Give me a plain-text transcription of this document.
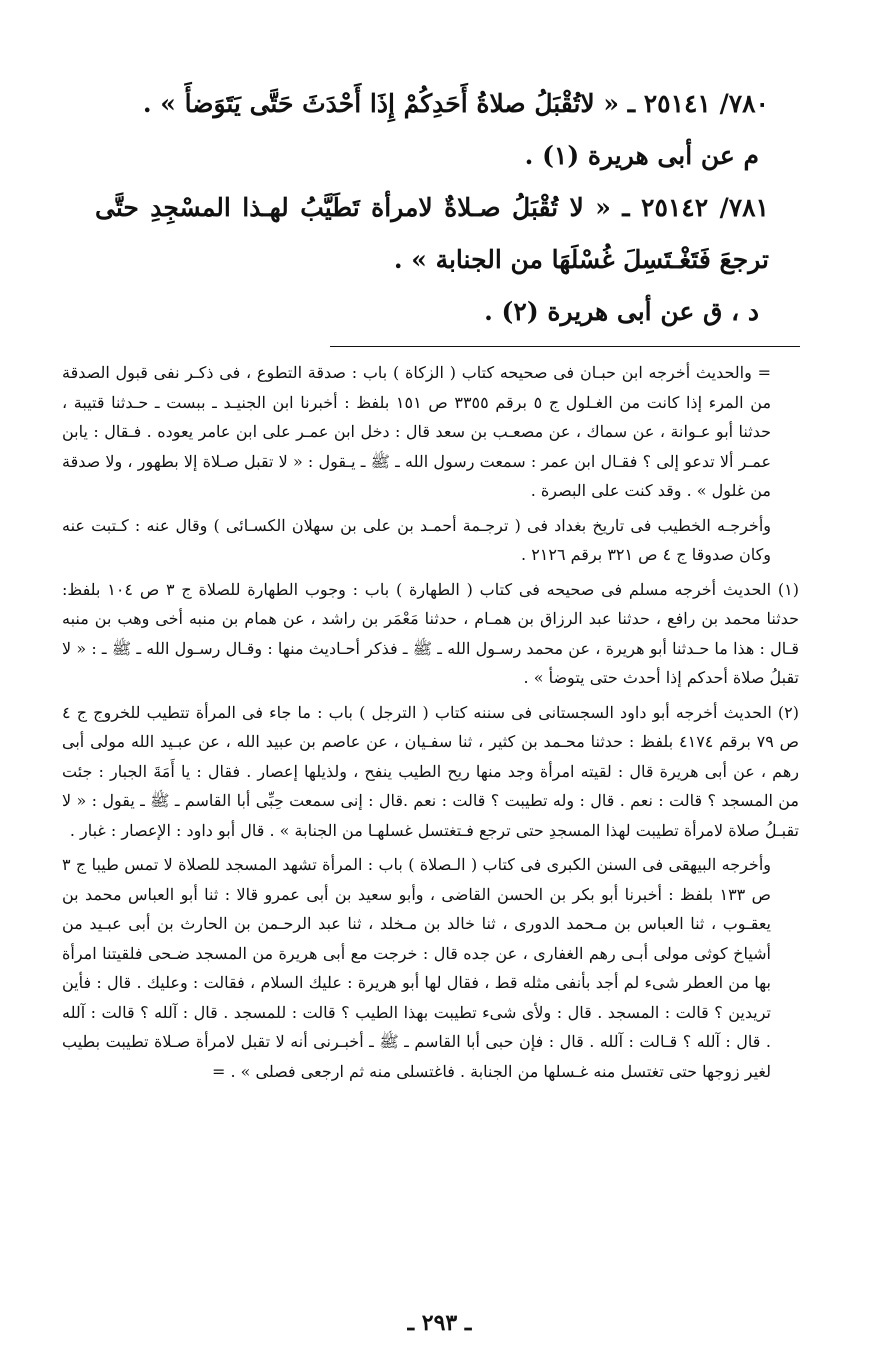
٧٨٠/ ٢٥١٤١ ـ « لاتُقْبَلُ صلاةُ أَحَدِكُمْ إِذَا أَحْدَثَ حَتَّى يَتَوَضأَ » .

م عن أبى هريرة (١) .

٧٨١/ ٢٥١٤٢ ـ « لا تُقْبَلُ صـلاةٌ لامرأة تَطَيَّبُ لهـذا المسْجِدِ حتَّى ترجعَ فَتَغْـتَسِلَ غُسْلَهَا من الجنابة » .

د ، ق عن أبى هريرة (٢) .

= والحديث أخرجه ابن حبـان فى صحيحه كتاب ( الزكاة ) باب : صدقة التطوع ، فى ذكـر نفى قبول الصدقة من المرء إذا كانت من الغـلول ج ٥ برقم ٣٣٥٥ ص ١٥١ بلفظ : أخبرنا ابن الجنيـد ـ ببست ـ حـدثنا قتيبة ، حدثنا أبو عـوانة ، عن سماك ، عن مصعـب بن سعد قال : دخل ابن عمـر على ابن عامر يعوده . فـقال : يابن عمـر ألا تدعو إلى ؟ فقـال ابن عمر : سمعت رسول الله ـ ﷺ ـ يـقول : « لا تقبل صـلاة إلا بطهور ، ولا صدقة من غلول » . وقد كنت على البصرة .

وأخرجـه الخطيب فى تاريخ بغداد فى ( ترجـمة أحمـد بن على بن سهلان الكسـائى ) وقال عنه : كـتبت عنه وكان صدوقا ج ٤ ص ٣٢١ برقم ٢١٢٦ .

(١) الحديث أخرجه مسلم فى صحيحه فى كتاب ( الطهارة ) باب : وجوب الطهارة للصلاة ج ٣ ص ١٠٤ بلفظ: حدثنا محمد بن رافع ، حدثنا عبد الرزاق بن همـام ، حدثنا مَعْمَر بن راشد ، عن همام بن منبه أخى وهب بن منبه قـال : هذا ما حـدثنا أبو هريرة ، عن محمد رسـول الله ـ ﷺ ـ فذكر أحـاديث منها : وقـال رسـول الله ـ ﷺ ـ : « لا تقبلُ صلاة أحدكم إذا أحدث حتى يتوضأ » .

(٢) الحديث أخرجه أبو داود السجستانى فى سننه كتاب ( الترجل ) باب : ما جاء فى المرأة تتطيب للخروج ج ٤ ص ٧٩ برقم ٤١٧٤ بلفظ : حدثنا محـمد بن كثير ، ثنا سفـيان ، عن عاصم بن عبيد الله ، عن عبـيد الله مولى أبى رهم ، عن أبى هريرة قال : لقيته امرأة وجد منها ريح الطيب ينفح ، ولذيلها إعصار . فقال : يا أَمَةَ الجبار : جئت من المسجد ؟ قالت : نعم . قال : وله تطيبت ؟ قالت : نعم .قال : إنى سمعت حِبِّى أبا القاسم ـ ﷺ ـ يقول : « لا تقبـلُ صلاة لامرأة تطيبت لهذا المسجدِ حتى ترجع فـتغتسل غسلهـا من الجنابة » . قال أبو داود : الإعصار : غبار .

وأخرجه البيهقى فى السنن الكبرى فى كتاب ( الـصلاة ) باب : المرأة تشهد المسجد للصلاة لا تمس طيبا ج ٣ ص ١٣٣ بلفظ : أخبرنا أبو بكر بن الحسن القاضى ، وأبو سعيد بن أبى عمرو قالا : ثنا أبو العباس محمد بن يعقـوب ، ثنا العباس بن مـحمد الدورى ، ثنا خالد بن مـخلد ، ثنا عبد الرحـمن بن الحارث بن أبى عبـيد من أشياخ كوثى مولى أبـى رهم الغفارى ، عن جده قال : خرجت مع أبى هريرة من المسجد ضـحى فلقيتنا امرأة بها من العطر شىء لم أجد بأنفى مثله قط ، فقال لها أبو هريرة : عليك السلام ، فقالت : وعليك . قال : فأين تريدين ؟ قالت : المسجد . قال : ولأى شىء تطيبت بهذا الطيب ؟ قالت : للمسجد . قال : آلله ؟ قالت : آلله . قال : آلله ؟ قـالت : آلله . قال : فإن حبى أبا القاسم ـ ﷺ ـ أخبـرنى أنه لا تقبل لامرأة صـلاة تطيبت بطيب لغير زوجها حتى تغتسل منه غـسلها من الجنابة . فاغتسلى منه ثم ارجعى فصلى » . =

ـ ٢٩٣ ـ
